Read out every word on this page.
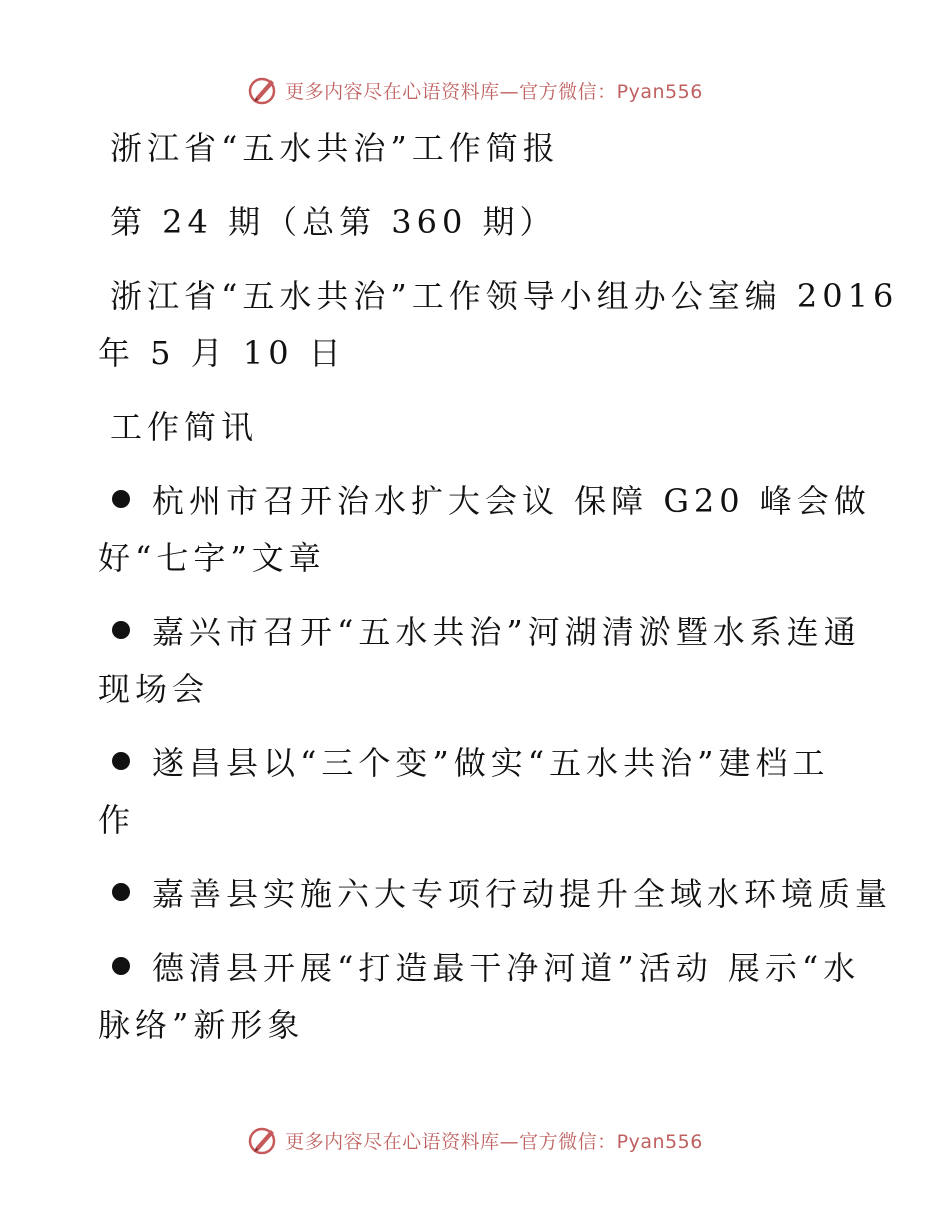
更多内容尽在心语资料库—官方微信：Pyan556

浙江省“五水共治”工作简报

第 24 期（总第 360 期）

浙江省“五水共治”工作领导小组办公室编 2016

年 5 月 10 日

工作简讯

杭州市召开治水扩大会议 保障 G20 峰会做

好“七字”文章

嘉兴市召开“五水共治”河湖清淤暨水系连通

现场会

遂昌县以“三个变”做实“五水共治”建档工

作

嘉善县实施六大专项行动提升全域水环境质量

德清县开展“打造最干净河道”活动 展示“水

脉络”新形象

更多内容尽在心语资料库—官方微信：Pyan556
